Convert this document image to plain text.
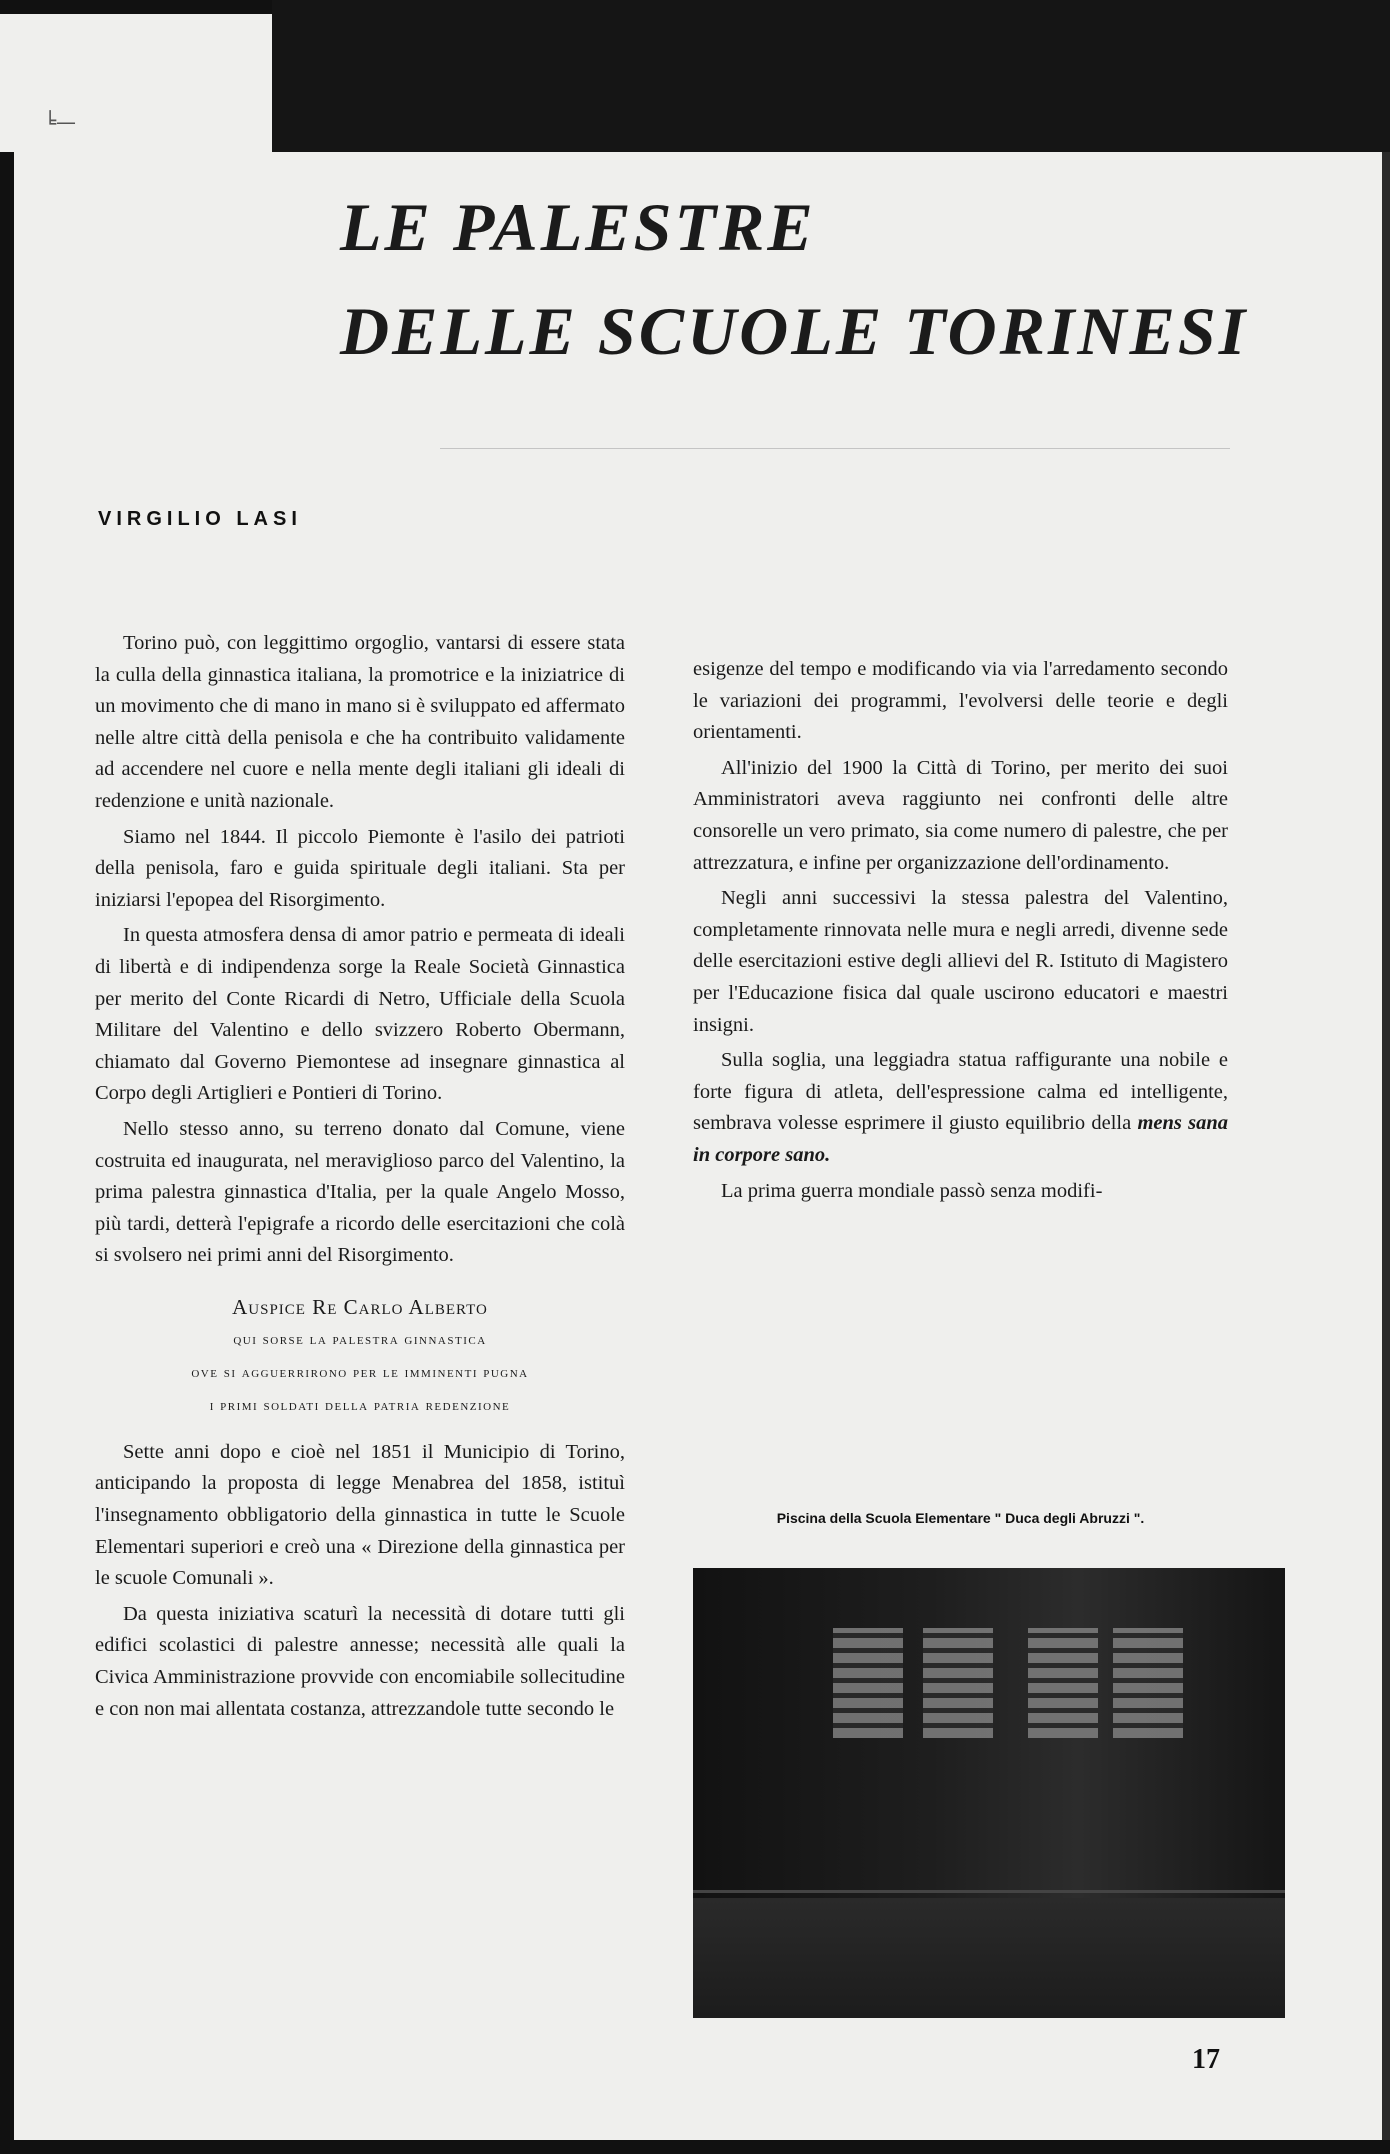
╘—
LE PALESTRE
DELLE SCUOLE TORINESI
VIRGILIO LASI

Torino può, con leggittimo orgoglio, vantarsi di essere stata la culla della ginnastica italiana, la promotrice e la iniziatrice di un movimento che di mano in mano si è sviluppato ed affermato nelle altre città della penisola e che ha contribuito validamente ad accendere nel cuore e nella mente degli italiani gli ideali di redenzione e unità nazionale.

Siamo nel 1844. Il piccolo Piemonte è l'asilo dei patrioti della penisola, faro e guida spirituale degli italiani. Sta per iniziarsi l'epopea del Risorgimento.

In questa atmosfera densa di amor patrio e permeata di ideali di libertà e di indipendenza sorge la Reale Società Ginnastica per merito del Conte Ricardi di Netro, Ufficiale della Scuola Militare del Valentino e dello svizzero Roberto Obermann, chiamato dal Governo Piemontese ad insegnare ginnastica al Corpo degli Artiglieri e Pontieri di Torino.

Nello stesso anno, su terreno donato dal Comune, viene costruita ed inaugurata, nel meraviglioso parco del Valentino, la prima palestra ginnastica d'Italia, per la quale Angelo Mosso, più tardi, detterà l'epigrafe a ricordo delle esercitazioni che colà si svolsero nei primi anni del Risorgimento.

Auspice Re Carlo Alberto
qui sorse la palestra ginnastica
ove si agguerrirono per le imminenti pugna
i primi soldati della patria redenzione

Sette anni dopo e cioè nel 1851 il Municipio di Torino, anticipando la proposta di legge Menabrea del 1858, istituì l'insegnamento obbligatorio della ginnastica in tutte le Scuole Elementari superiori e creò una « Direzione della ginnastica per le scuole Comunali ».

Da questa iniziativa scaturì la necessità di dotare tutti gli edifici scolastici di palestre annesse; necessità alle quali la Civica Amministrazione provvide con encomiabile sollecitudine e con non mai allentata costanza, attrezzandole tutte secondo le

esigenze del tempo e modificando via via l'arredamento secondo le variazioni dei programmi, l'evolversi delle teorie e degli orientamenti.

All'inizio del 1900 la Città di Torino, per merito dei suoi Amministratori aveva raggiunto nei confronti delle altre consorelle un vero primato, sia come numero di palestre, che per attrezzatura, e infine per organizzazione dell'ordinamento.

Negli anni successivi la stessa palestra del Valentino, completamente rinnovata nelle mura e negli arredi, divenne sede delle esercitazioni estive degli allievi del R. Istituto di Magistero per l'Educazione fisica dal quale uscirono educatori e maestri insigni.

Sulla soglia, una leggiadra statua raffigurante una nobile e forte figura di atleta, dell'espressione calma ed intelligente, sembrava volesse esprimere il giusto equilibrio della mens sana in corpore sano.

La prima guerra mondiale passò senza modifi-

Piscina della Scuola Elementare " Duca degli Abruzzi ".
17
